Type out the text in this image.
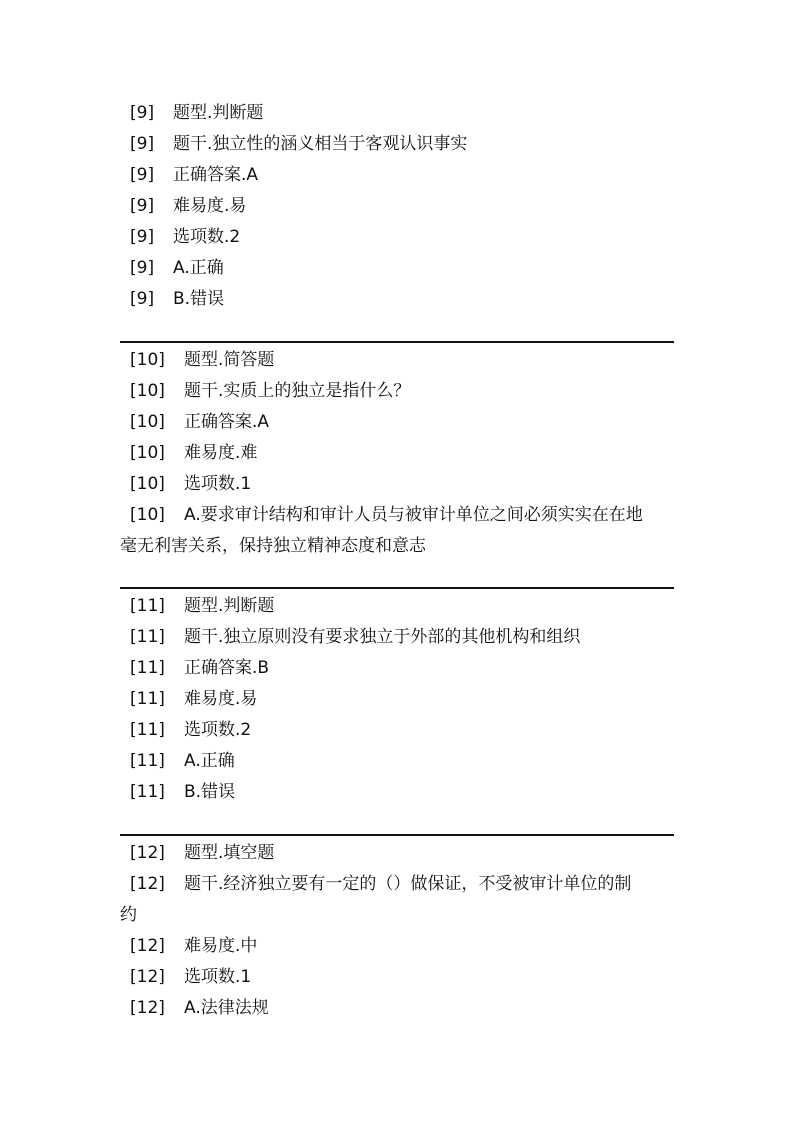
[9] 题型.判断题
[9] 题干.独立性的涵义相当于客观认识事实
[9] 正确答案.A
[9] 难易度.易
[9] 选项数.2
[9] A.正确
[9] B.错误
[10] 题型.简答题
[10] 题干.实质上的独立是指什么？
[10] 正确答案.A
[10] 难易度.难
[10] 选项数.1
[10] A.要求审计结构和审计人员与被审计单位之间必须实实在在地
毫无利害关系，保持独立精神态度和意志
[11] 题型.判断题
[11] 题干.独立原则没有要求独立于外部的其他机构和组织
[11] 正确答案.B
[11] 难易度.易
[11] 选项数.2
[11] A.正确
[11] B.错误
[12] 题型.填空题
[12] 题干.经济独立要有一定的（）做保证，不受被审计单位的制
约
[12] 难易度.中
[12] 选项数.1
[12] A.法律法规
